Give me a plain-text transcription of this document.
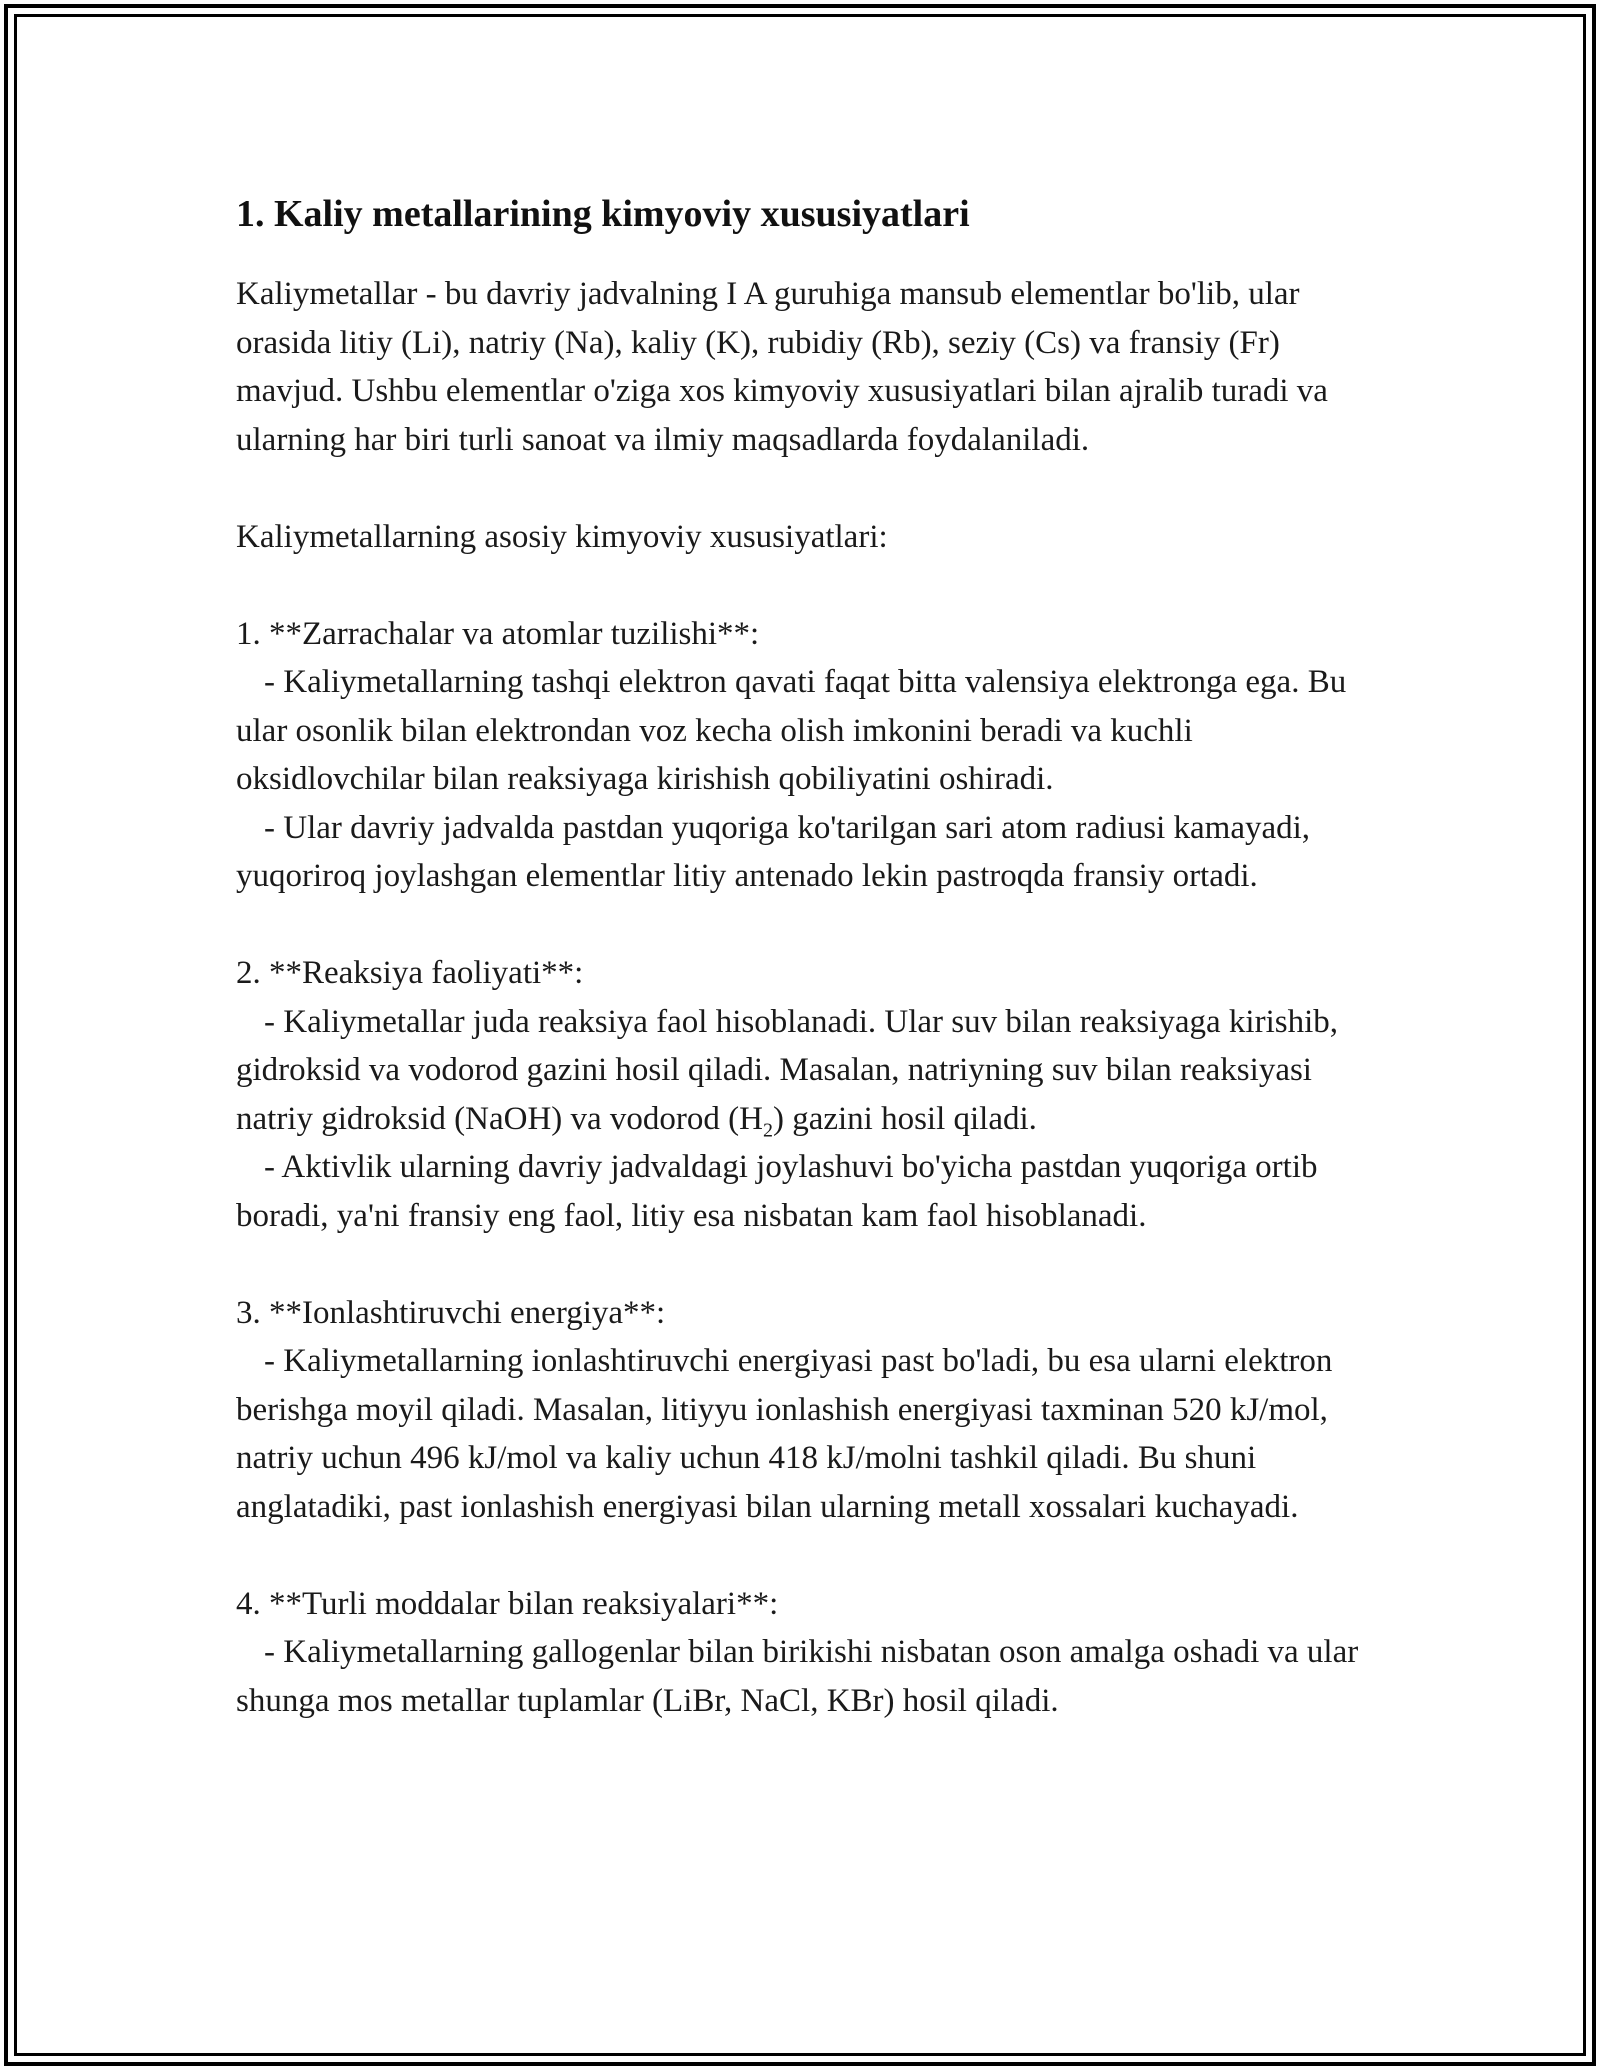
1. Kaliy metallarining kimyoviy xususiyatlari

Kaliymetallar - bu davriy jadvalning I A guruhiga mansub elementlar bo'lib, ular orasida litiy (Li), natriy (Na), kaliy (K), rubidiy (Rb), seziy (Cs) va fransiy (Fr) mavjud. Ushbu elementlar o'ziga xos kimyoviy xususiyatlari bilan ajralib turadi va ularning har biri turli sanoat va ilmiy maqsadlarda foydalaniladi.

Kaliymetallarning asosiy kimyoviy xususiyatlari:

1. **Zarrachalar va atomlar tuzilishi**:

- Kaliymetallarning tashqi elektron qavati faqat bitta valensiya elektronga ega. Bu ular osonlik bilan elektrondan voz kecha olish imkonini beradi va kuchli oksidlovchilar bilan reaksiyaga kirishish qobiliyatini oshiradi.

- Ular davriy jadvalda pastdan yuqoriga ko'tarilgan sari atom radiusi kamayadi, yuqoriroq joylashgan elementlar litiy antenado lekin pastroqda fransiy ortadi.

2. **Reaksiya faoliyati**:

- Kaliymetallar juda reaksiya faol hisoblanadi. Ular suv bilan reaksiyaga kirishib, gidroksid va vodorod gazini hosil qiladi. Masalan, natriyning suv bilan reaksiyasi natriy gidroksid (NaOH) va vodorod $(H_2)$ gazini hosil qiladi.

- Aktivlik ularning davriy jadvaldagi joylashuvi bo'yicha pastdan yuqoriga ortib boradi, ya'ni fransiy eng faol, litiy esa nisbatan kam faol hisoblanadi.

3. **Ionlashtiruvchi energiya**:

- Kaliymetallarning ionlashtiruvchi energiyasi past bo'ladi, bu esa ularni elektron berishga moyil qiladi. Masalan, litiyyu ionlashish energiyasi taxminan 520 kJ/mol, natriy uchun 496 kJ/mol va kaliy uchun 418 kJ/molni tashkil qiladi. Bu shuni anglatadiki, past ionlashish energiyasi bilan ularning metall xossalari kuchayadi.

4. **Turli moddalar bilan reaksiyalari**:

- Kaliymetallarning gallogenlar bilan birikishi nisbatan oson amalga oshadi va ular shunga mos metallar tuplamlar (LiBr, NaCl, KBr) hosil qiladi.
